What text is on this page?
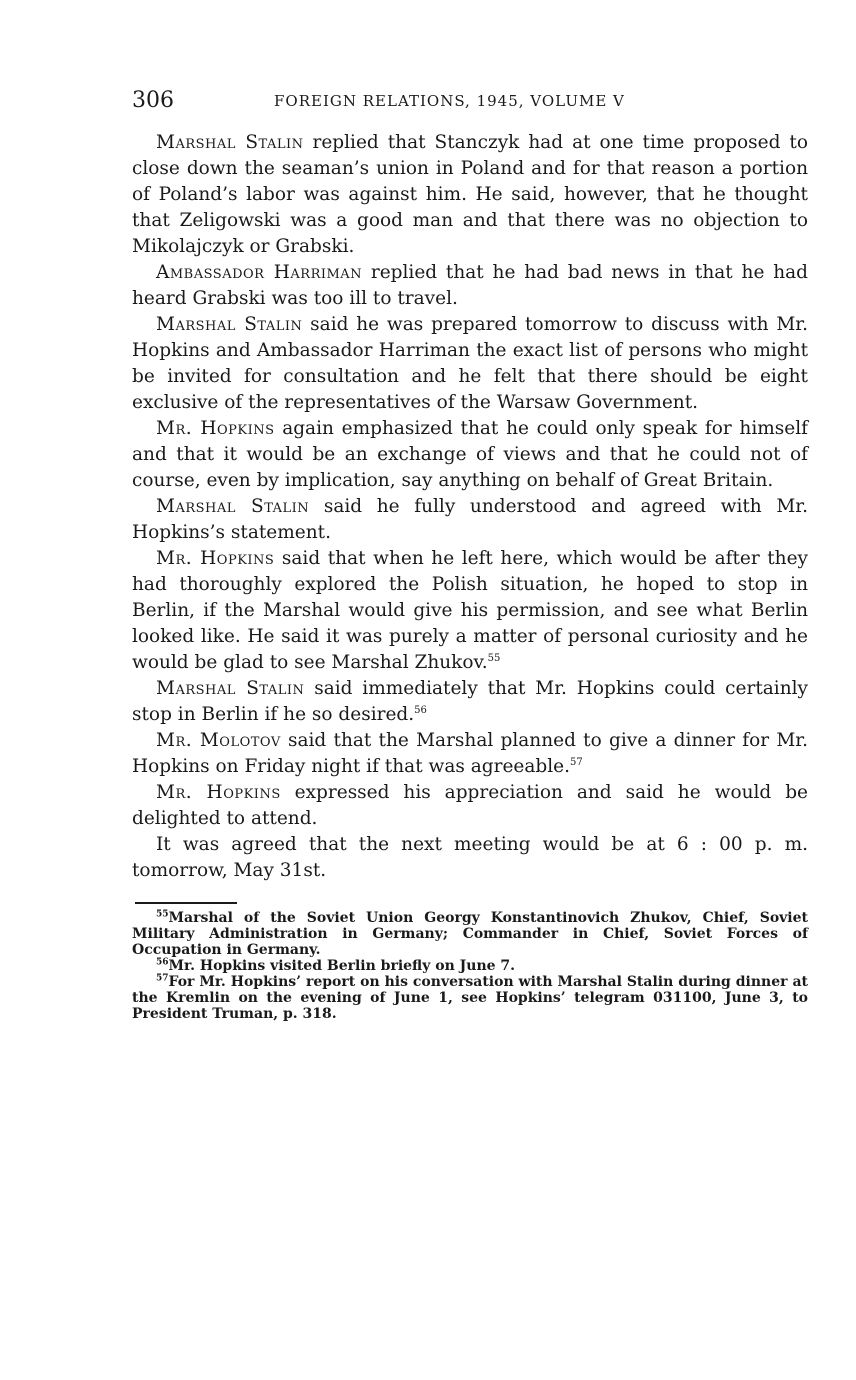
306	FOREIGN RELATIONS, 1945, VOLUME V

Marshal Stalin replied that Stanczyk had at one time proposed to close down the seaman’s union in Poland and for that reason a portion of Poland’s labor was against him. He said, however, that he thought that Zeligowski was a good man and that there was no objection to Mikolajczyk or Grabski.

Ambassador Harriman replied that he had bad news in that he had heard Grabski was too ill to travel.

Marshal Stalin said he was prepared tomorrow to discuss with Mr. Hopkins and Ambassador Harriman the exact list of persons who might be invited for consultation and he felt that there should be eight exclusive of the representatives of the Warsaw Government.

Mr. Hopkins again emphasized that he could only speak for himself and that it would be an exchange of views and that he could not of course, even by implication, say anything on behalf of Great Britain.

Marshal Stalin said he fully understood and agreed with Mr. Hopkins’s statement.

Mr. Hopkins said that when he left here, which would be after they had thoroughly explored the Polish situation, he hoped to stop in Berlin, if the Marshal would give his permission, and see what Berlin looked like. He said it was purely a matter of personal curiosity and he would be glad to see Marshal Zhukov.$^{55}$

Marshal Stalin said immediately that Mr. Hopkins could certainly stop in Berlin if he so desired.$^{56}$

Mr. Molotov said that the Marshal planned to give a dinner for Mr. Hopkins on Friday night if that was agreeable.$^{57}$

Mr. Hopkins expressed his appreciation and said he would be delighted to attend.

It was agreed that the next meeting would be at 6 : 00 p. m. tomorrow, May 31st.

$^{55}$Marshal of the Soviet Union Georgy Konstantinovich Zhukov, Chief, Soviet Military Administration in Germany; Commander in Chief, Soviet Forces of Occupation in Germany.

$^{56}$Mr. Hopkins visited Berlin briefly on June 7.

$^{57}$For Mr. Hopkins’ report on his conversation with Marshal Stalin during dinner at the Kremlin on the evening of June 1, see Hopkins’ telegram 031100, June 3, to President Truman, p. 318.
